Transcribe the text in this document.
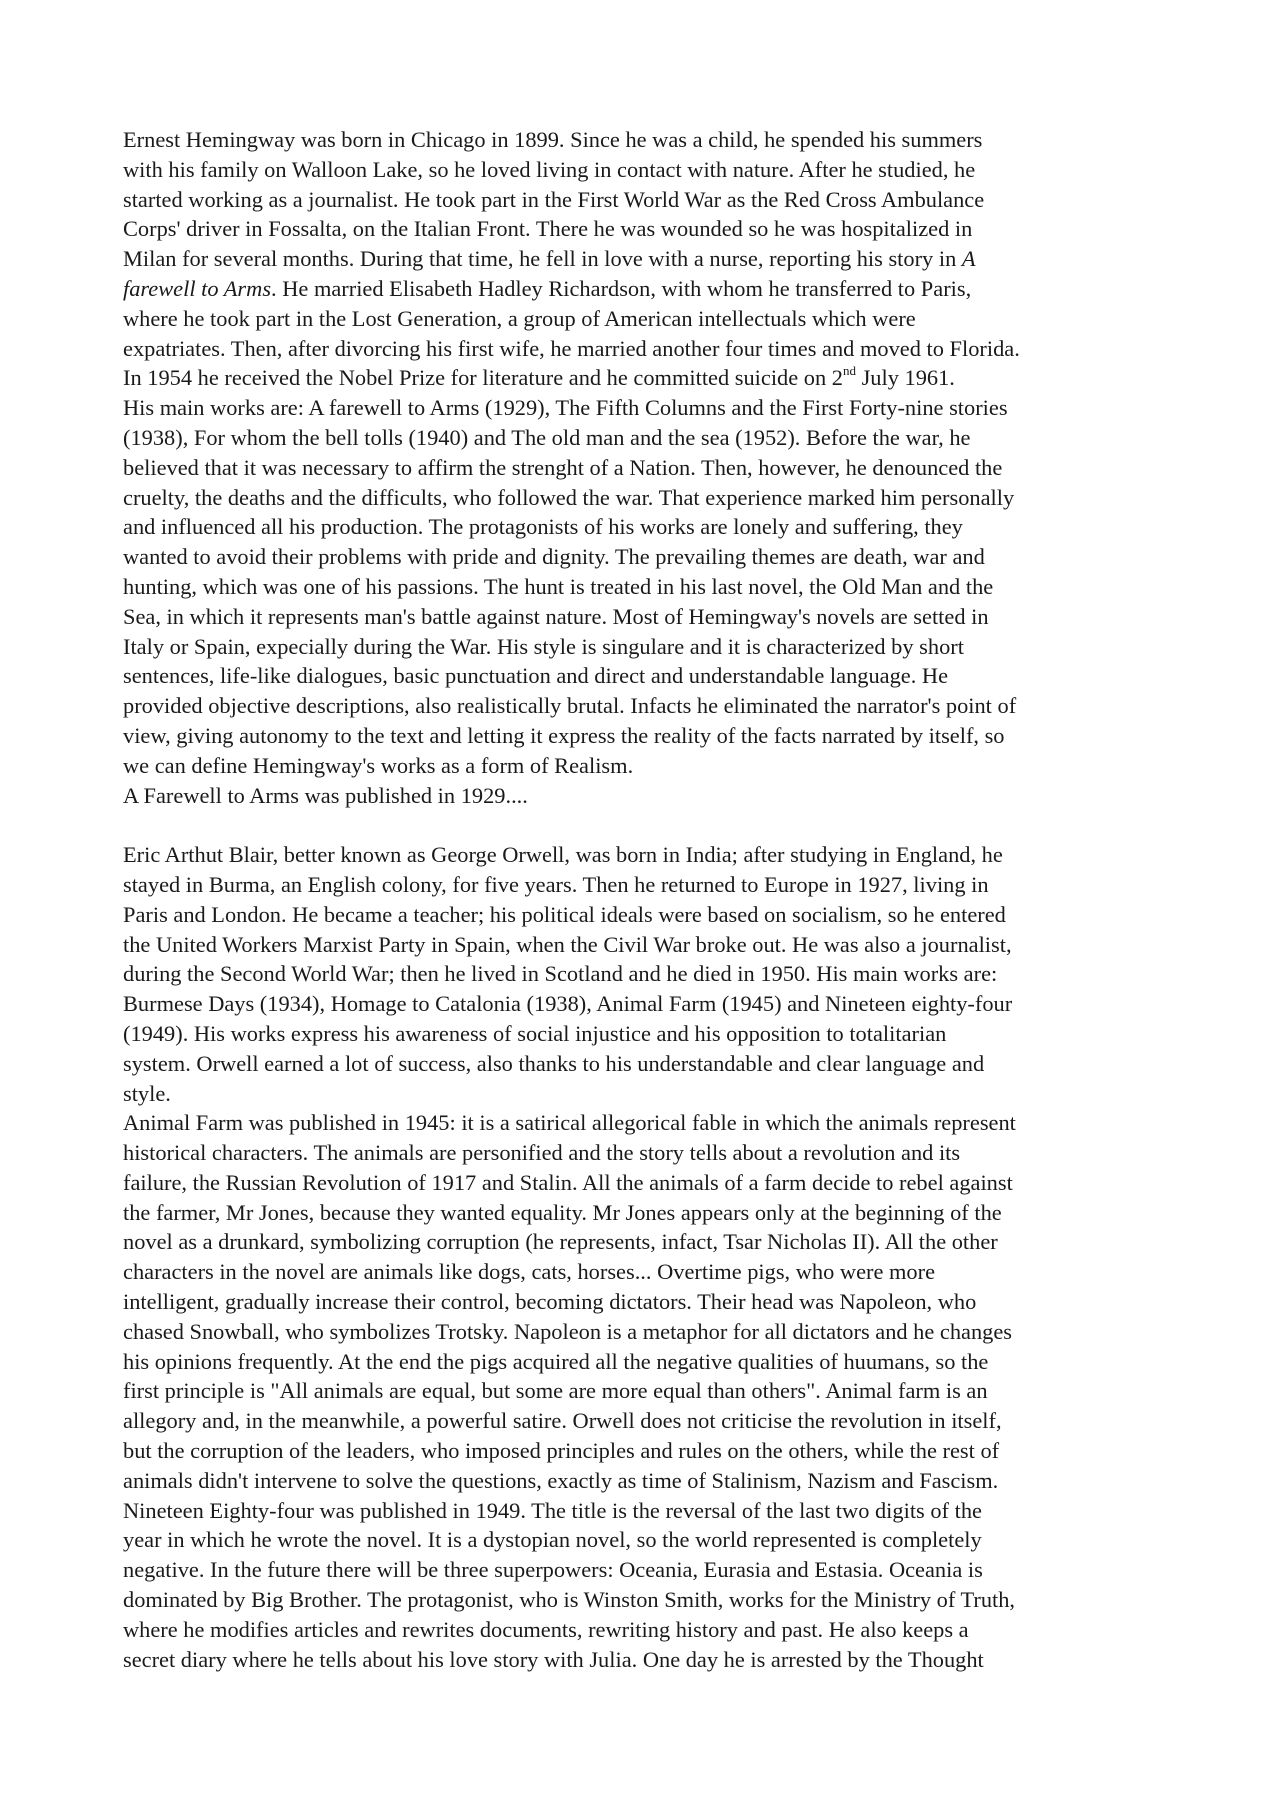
Ernest Hemingway was born in Chicago in 1899. Since he was a child, he spended his summers
with his family on Walloon Lake, so he loved living in contact with nature. After he studied, he
started working as a journalist. He took part in the First World War as the Red Cross Ambulance
Corps' driver in Fossalta, on the Italian Front. There he was wounded so he was hospitalized in
Milan for several months. During that time, he fell in love with a nurse, reporting his story in A
farewell to Arms. He married Elisabeth Hadley Richardson, with whom he transferred to Paris,
where he took part in the Lost Generation, a group of American intellectuals which were
expatriates. Then, after divorcing his first wife, he married another four times and moved to Florida.
In 1954 he received the Nobel Prize for literature and he committed suicide on 2nd July 1961.
His main works are: A farewell to Arms (1929), The Fifth Columns and the First Forty-nine stories
(1938), For whom the bell tolls (1940) and The old man and the sea (1952). Before the war, he
believed that it was necessary to affirm the strenght of a Nation. Then, however, he denounced the
cruelty, the deaths and the difficults, who followed the war. That experience marked him personally
and influenced all his production. The protagonists of his works are lonely and suffering, they
wanted to avoid their problems with pride and dignity. The prevailing themes are death, war and
hunting, which was one of his passions. The hunt is treated in his last novel, the Old Man and the
Sea, in which it represents man's battle against nature. Most of Hemingway's novels are setted in
Italy or Spain, expecially during the War. His style is singulare and it is characterized by short
sentences, life-like dialogues, basic punctuation and direct and understandable language. He
provided objective descriptions, also realistically brutal. Infacts he eliminated the narrator's point of
view, giving autonomy to the text and letting it express the reality of the facts narrated by itself, so
we can define Hemingway's works as a form of Realism.
A Farewell to Arms was published in 1929....
Eric Arthut Blair, better known as George Orwell, was born in India; after studying in England, he
stayed in Burma, an English colony, for five years. Then he returned to Europe in 1927, living in
Paris and London. He became a teacher; his political ideals were based on socialism, so he entered
the United Workers Marxist Party in Spain, when the Civil War broke out. He was also a journalist,
during the Second World War; then he lived in Scotland and he died in 1950. His main works are:
Burmese Days (1934), Homage to Catalonia (1938), Animal Farm (1945) and Nineteen eighty-four
(1949). His works express his awareness of social injustice and his opposition to totalitarian
system. Orwell earned a lot of success, also thanks to his understandable and clear language and
style.
Animal Farm was published in 1945: it is a satirical allegorical fable in which the animals represent
historical characters. The animals are personified and the story tells about a revolution and its
failure, the Russian Revolution of 1917 and Stalin. All the animals of a farm decide to rebel against
the farmer, Mr Jones, because they wanted equality. Mr Jones appears only at the beginning of the
novel as a drunkard, symbolizing corruption (he represents, infact, Tsar Nicholas II). All the other
characters in the novel are animals like dogs, cats, horses... Overtime pigs, who were more
intelligent, gradually increase their control, becoming dictators. Their head was Napoleon, who
chased Snowball, who symbolizes Trotsky. Napoleon is a metaphor for all dictators and he changes
his opinions frequently. At the end the pigs acquired all the negative qualities of huumans, so the
first principle is "All animals are equal, but some are more equal than others". Animal farm is an
allegory and, in the meanwhile, a powerful satire. Orwell does not criticise the revolution in itself,
but the corruption of the leaders, who imposed principles and rules on the others, while the rest of
animals didn't intervene to solve the questions, exactly as time of Stalinism, Nazism and Fascism.
Nineteen Eighty-four was published in 1949. The title is the reversal of the last two digits of the
year in which he wrote the novel. It is a dystopian novel, so the world represented is completely
negative. In the future there will be three superpowers: Oceania, Eurasia and Estasia. Oceania is
dominated by Big Brother. The protagonist, who is Winston Smith, works for the Ministry of Truth,
where he modifies articles and rewrites documents, rewriting history and past. He also keeps a
secret diary where he tells about his love story with Julia. One day he is arrested by the Thought
